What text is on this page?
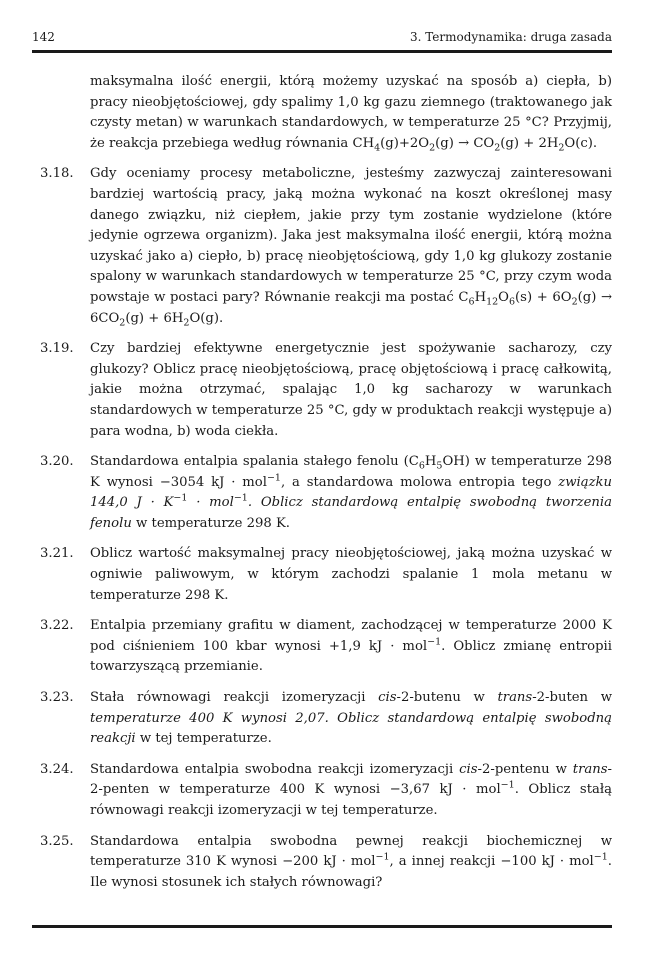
142	3. Termodynamika: druga zasada

maksymalna ilość energii, którą możemy uzyskać na sposób a) ciepła, b) pracy nieobjętościowej, gdy spalimy 1,0 kg gazu ziemnego (traktowanego jak czysty metan) w warunkach standardowych, w temperaturze 25 °C? Przyjmij, że reakcja przebiega według równania $CH_4(g)+2O_2(g) \to CO_2(g) + 2H_2O(c)$.

3.18. Gdy oceniamy procesy metaboliczne, jesteśmy zazwyczaj zainteresowani bardziej wartością pracy, jaką można wykonać na koszt określonej masy danego związku, niż ciepłem, jakie przy tym zostanie wydzielone (które jedynie ogrzewa organizm). Jaka jest maksymalna ilość energii, którą można uzyskać jako a) ciepło, b) pracę nieobjętościową, gdy 1,0 kg glukozy zostanie spalony w warunkach standardowych w temperaturze 25 °C, przy czym woda powstaje w postaci pary? Równanie reakcji ma postać $C_6H_{12}O_6(s) + 6O_2(g) \to 6CO_2(g) + 6H_2O(g)$.
3.19. Czy bardziej efektywne energetycznie jest spożywanie sacharozy, czy glukozy? Oblicz pracę nieobjętościową, pracę objętościową i pracę całkowitą, jakie można otrzymać, spalając 1,0 kg sacharozy w warunkach standardowych w temperaturze 25 °C, gdy w produktach reakcji występuje a) para wodna, b) woda ciekła.
3.20. Standardowa entalpia spalania stałego fenolu $(C_6H_5OH)$ w temperaturze 298 K wynosi −3054 kJ · mol$^{-1}$, a standardowa molowa entropia tego związku 144,0 $J \cdot K^{-1} \cdot mol^{-1}$. Oblicz standardową entalpię swobodną tworzenia fenolu w temperaturze 298 K.
3.21. Oblicz wartość maksymalnej pracy nieobjętościowej, jaką można uzyskać w ogniwie paliwowym, w którym zachodzi spalanie 1 mola metanu w temperaturze 298 K.
3.22. Entalpia przemiany grafitu w diament, zachodzącej w temperaturze 2000 K pod ciśnieniem 100 kbar wynosi +1,9 kJ · mol$^{-1}$. Oblicz zmianę entropii towarzyszącą przemianie.
3.23. Stała równowagi reakcji izomeryzacji cis-2-butenu w trans-2-buten w temperaturze 400 K wynosi 2,07. Oblicz standardową entalpię swobodną reakcji w tej temperaturze.
3.24. Standardowa entalpia swobodna reakcji izomeryzacji cis-2-pentenu w trans-2-penten w temperaturze 400 K wynosi −3,67 kJ · mol$^{-1}$. Oblicz stałą równowagi reakcji izomeryzacji w tej temperaturze.
3.25. Standardowa entalpia swobodna pewnej reakcji biochemicznej w temperaturze 310 K wynosi −200 kJ · mol$^{-1}$, a innej reakcji −100 kJ · mol$^{-1}$. Ile wynosi stosunek ich stałych równowagi?
